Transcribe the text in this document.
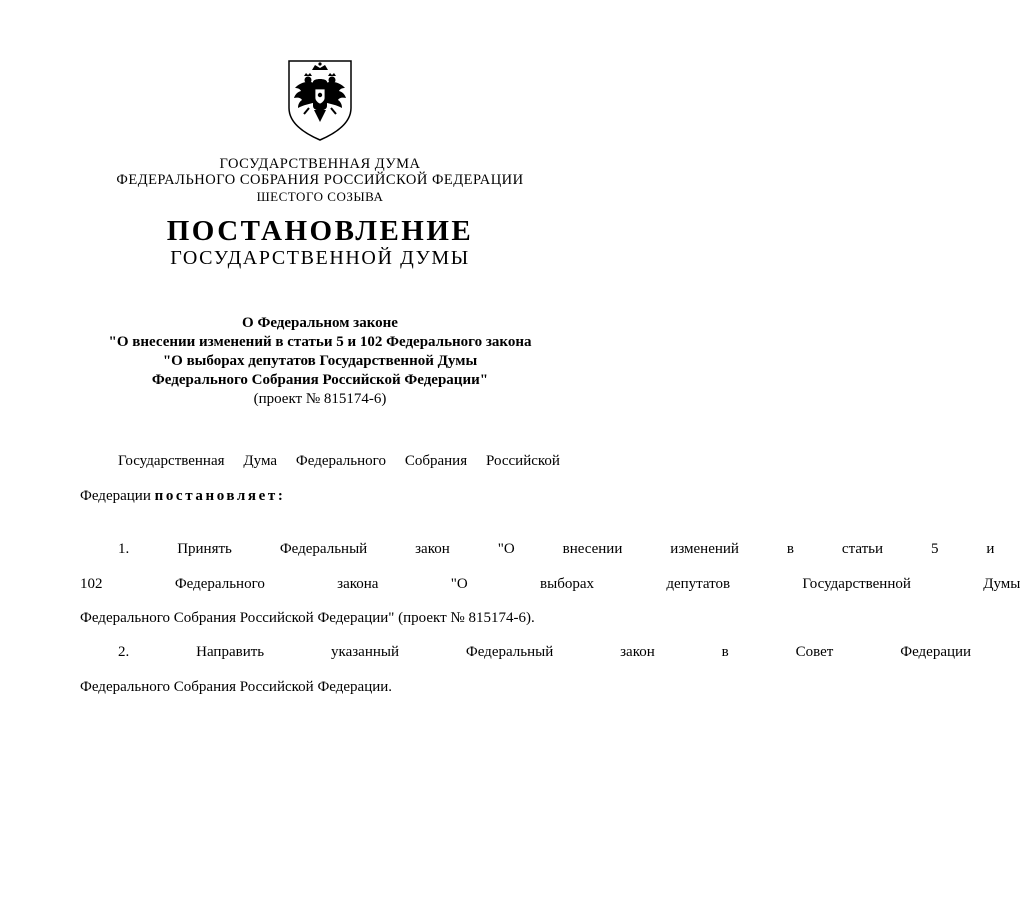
ГОСУДАРСТВЕННАЯ ДУМА
ФЕДЕРАЛЬНОГО СОБРАНИЯ РОССИЙСКОЙ ФЕДЕРАЦИИ
ШЕСТОГО СОЗЫВА
ПОСТАНОВЛЕНИЕ
ГОСУДАРСТВЕННОЙ ДУМЫ
О Федеральном законе
"О внесении изменений в статьи 5 и 102 Федерального закона
"О выборах депутатов Государственной Думы
Федерального Собрания Российской Федерации"
(проект № 815174-6)
Государственная Дума Федерального Собрания Российской
Федерации постановляет:
1. Принять Федеральный закон "О внесении изменений в статьи 5 и
102 Федерального закона "О выборах депутатов Государственной Думы
Федерального Собрания Российской Федерации" (проект № 815174-6).
2. Направить указанный Федеральный закон в Совет Федерации
Федерального Собрания Российской Федерации.
